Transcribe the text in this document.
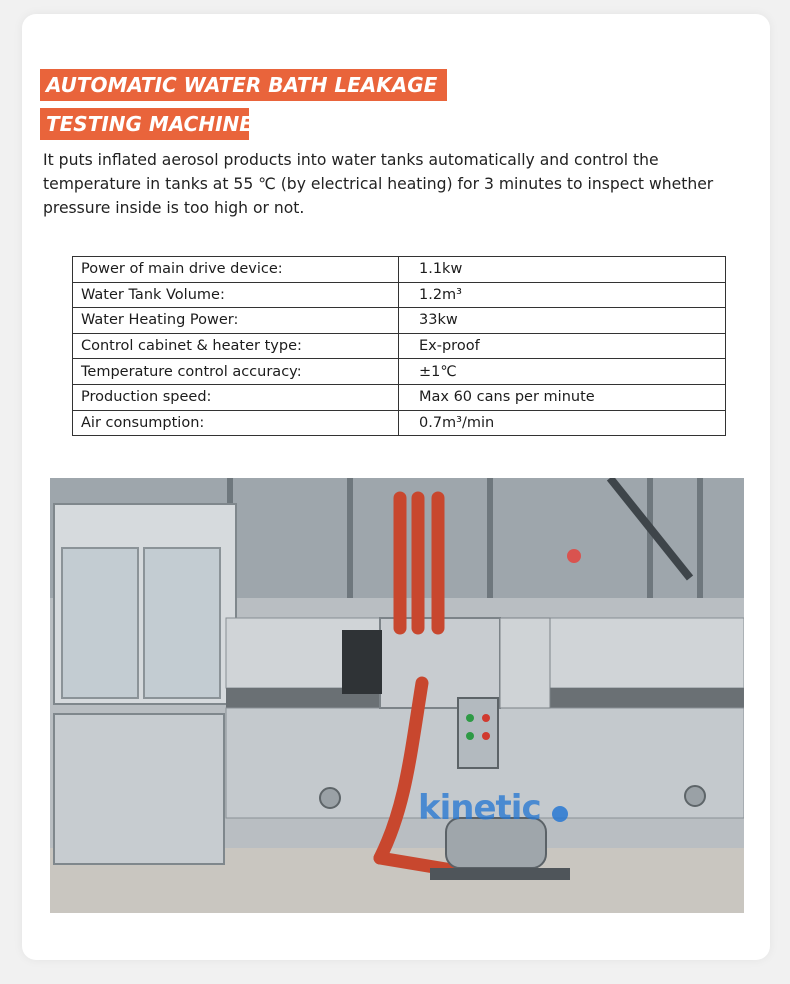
AUTOMATIC WATER BATH LEAKAGE
TESTING MACHINE:

It puts inflated aerosol products into water tanks automatically and control the temperature in tanks at 55 ℃ (by electrical heating) for 3 minutes to inspect whether pressure inside is too high or not.

Power of main drive device:	1.1kw
Water Tank Volume:	1.2m³
Water Heating Power:	33kw
Control cabinet & heater type:	Ex-proof
Temperature control accuracy:	±1℃
Production speed:	Max 60 cans per minute
Air consumption:	0.7m³/min
kinetic
